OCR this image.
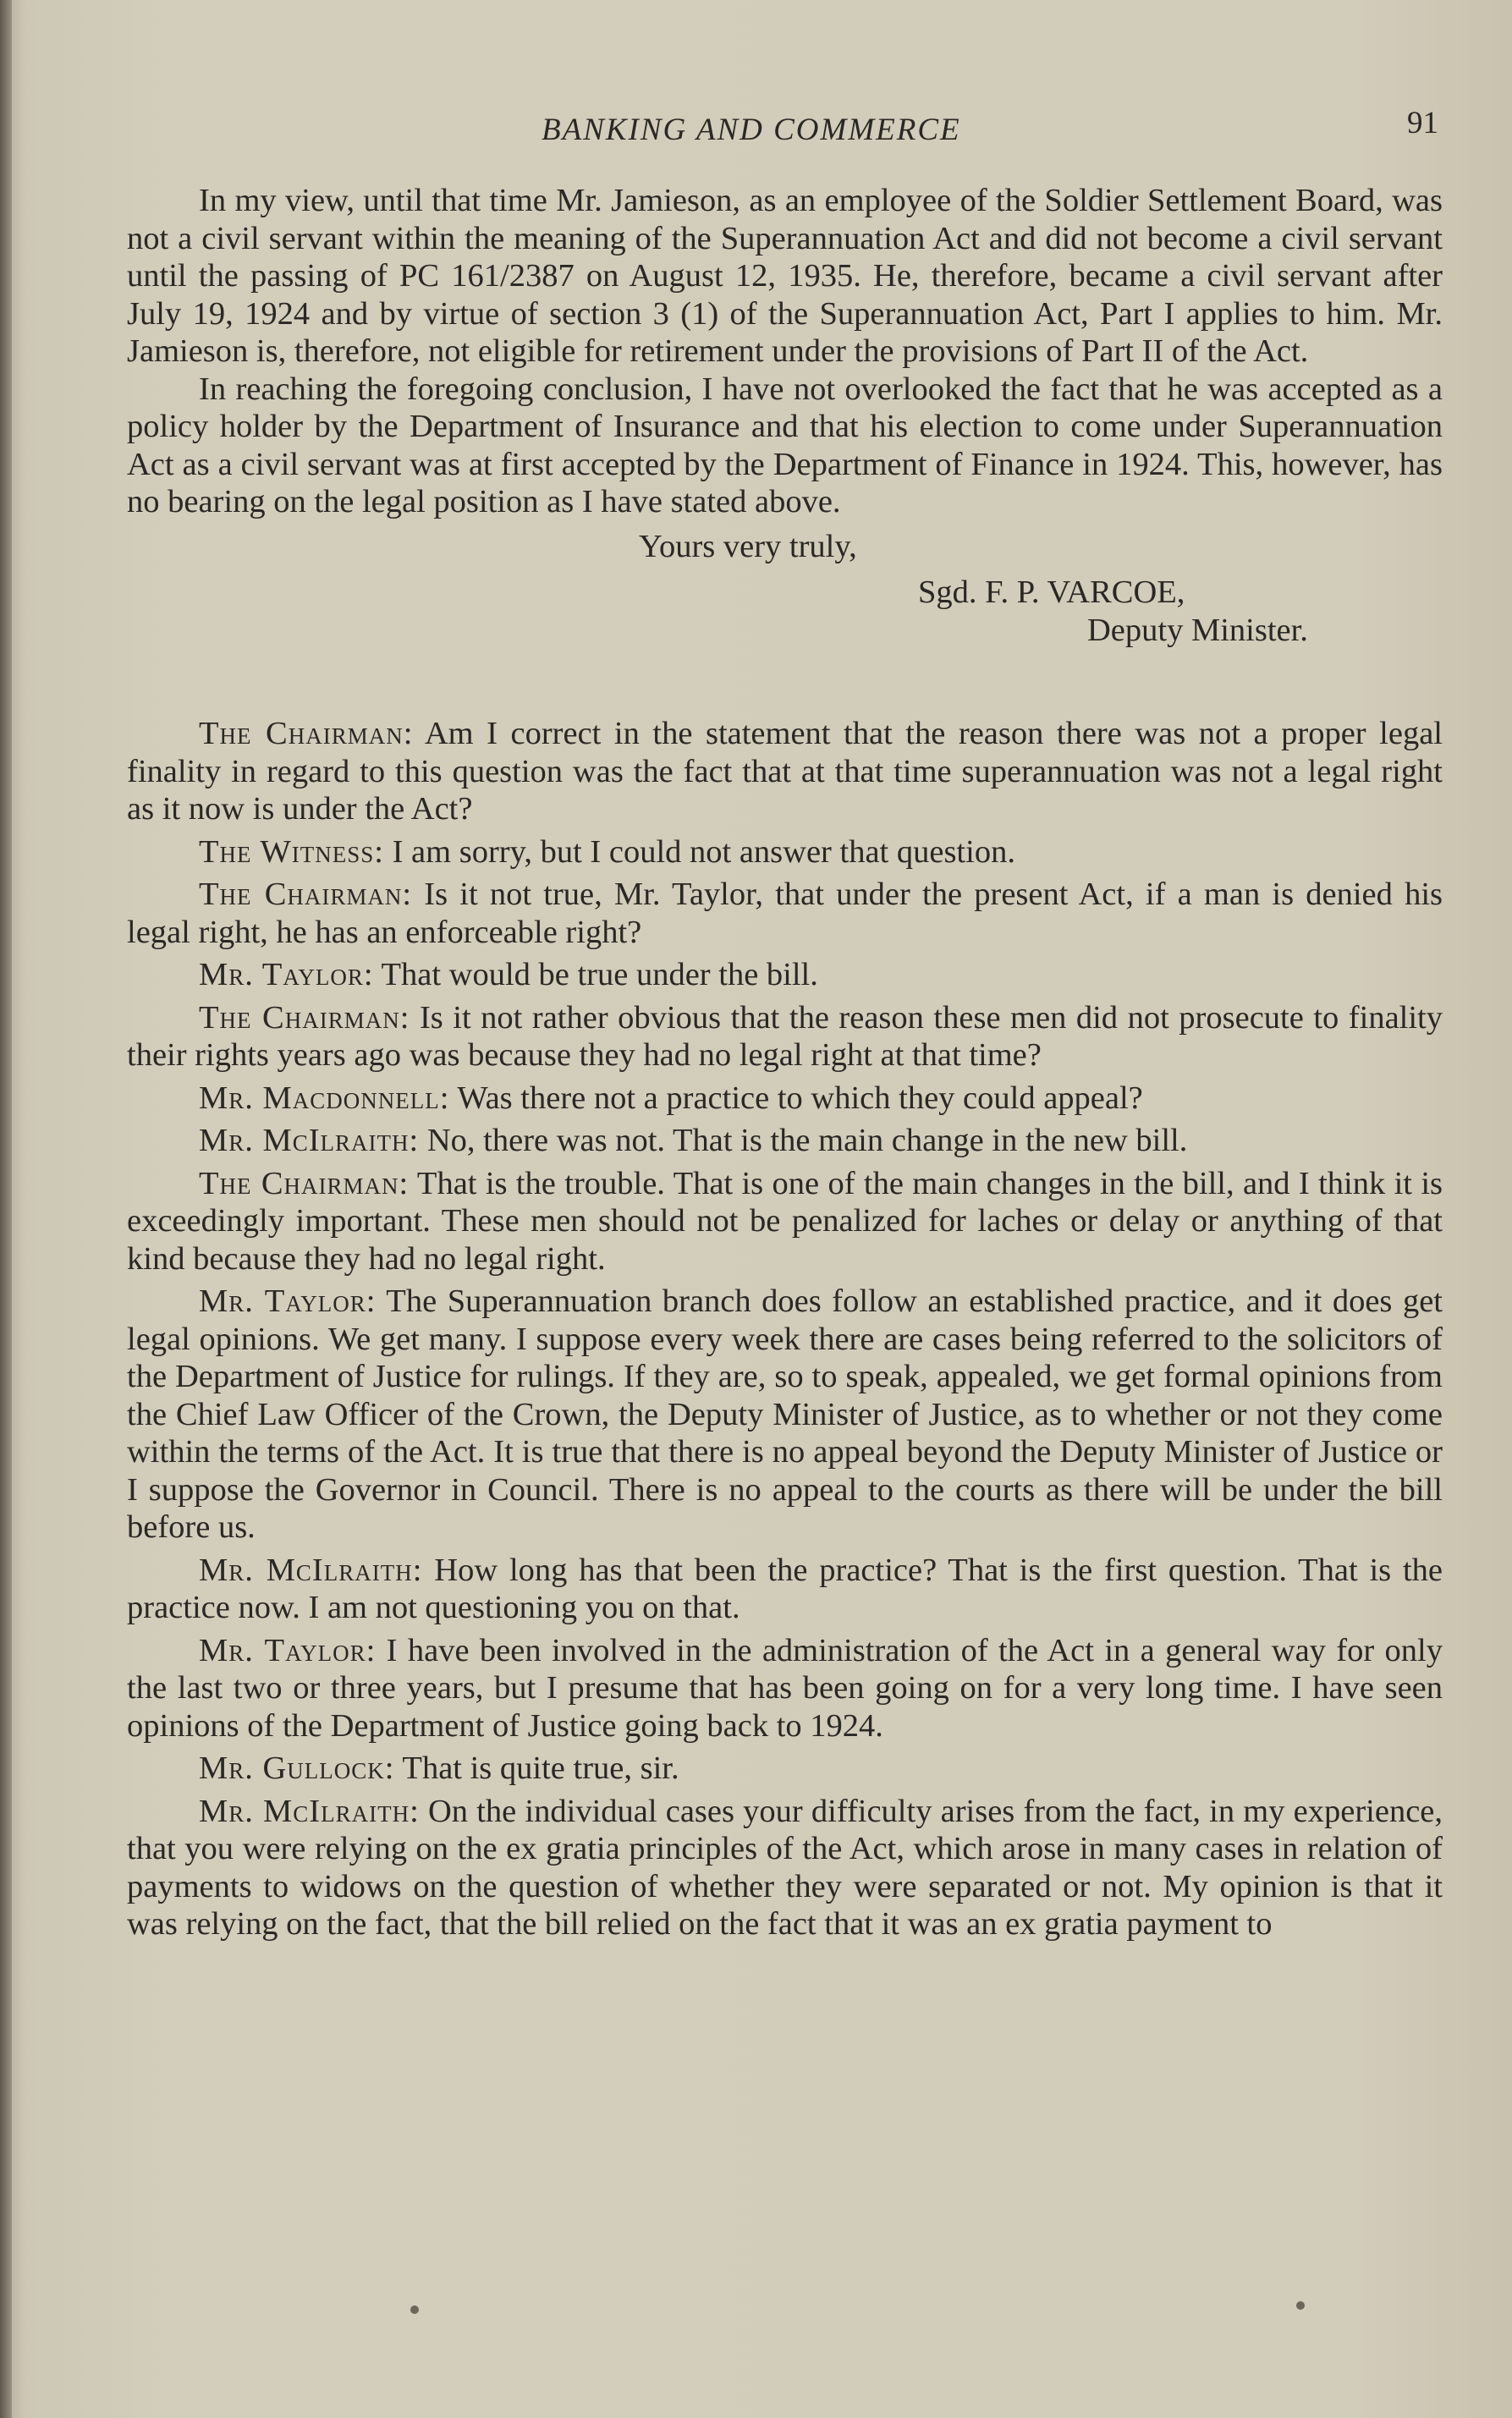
BANKING AND COMMERCE	91

In my view, until that time Mr. Jamieson, as an employee of the Soldier Settlement Board, was not a civil servant within the meaning of the Superannuation Act and did not become a civil servant until the passing of PC 161/2387 on August 12, 1935. He, therefore, became a civil servant after July 19, 1924 and by virtue of section 3 (1) of the Superannuation Act, Part I applies to him. Mr. Jamieson is, therefore, not eligible for retirement under the provisions of Part II of the Act.

In reaching the foregoing conclusion, I have not overlooked the fact that he was accepted as a policy holder by the Department of Insurance and that his election to come under Superannuation Act as a civil servant was at first accepted by the Department of Finance in 1924. This, however, has no bearing on the legal position as I have stated above.

Yours very truly,

Sgd. F. P. VARCOE,

Deputy Minister.

The Chairman: Am I correct in the statement that the reason there was not a proper legal finality in regard to this question was the fact that at that time superannuation was not a legal right as it now is under the Act?

The Witness: I am sorry, but I could not answer that question.

The Chairman: Is it not true, Mr. Taylor, that under the present Act, if a man is denied his legal right, he has an enforceable right?

Mr. Taylor: That would be true under the bill.

The Chairman: Is it not rather obvious that the reason these men did not prosecute to finality their rights years ago was because they had no legal right at that time?

Mr. Macdonnell: Was there not a practice to which they could appeal?

Mr. McIlraith: No, there was not. That is the main change in the new bill.

The Chairman: That is the trouble. That is one of the main changes in the bill, and I think it is exceedingly important. These men should not be penalized for laches or delay or anything of that kind because they had no legal right.

Mr. Taylor: The Superannuation branch does follow an established practice, and it does get legal opinions. We get many. I suppose every week there are cases being referred to the solicitors of the Department of Justice for rulings. If they are, so to speak, appealed, we get formal opinions from the Chief Law Officer of the Crown, the Deputy Minister of Justice, as to whether or not they come within the terms of the Act. It is true that there is no appeal beyond the Deputy Minister of Justice or I suppose the Governor in Council. There is no appeal to the courts as there will be under the bill before us.

Mr. McIlraith: How long has that been the practice? That is the first question. That is the practice now. I am not questioning you on that.

Mr. Taylor: I have been involved in the administration of the Act in a general way for only the last two or three years, but I presume that has been going on for a very long time. I have seen opinions of the Department of Justice going back to 1924.

Mr. Gullock: That is quite true, sir.

Mr. McIlraith: On the individual cases your difficulty arises from the fact, in my experience, that you were relying on the ex gratia principles of the Act, which arose in many cases in relation of payments to widows on the question of whether they were separated or not. My opinion is that it was relying on the fact, that the bill relied on the fact that it was an ex gratia payment to
